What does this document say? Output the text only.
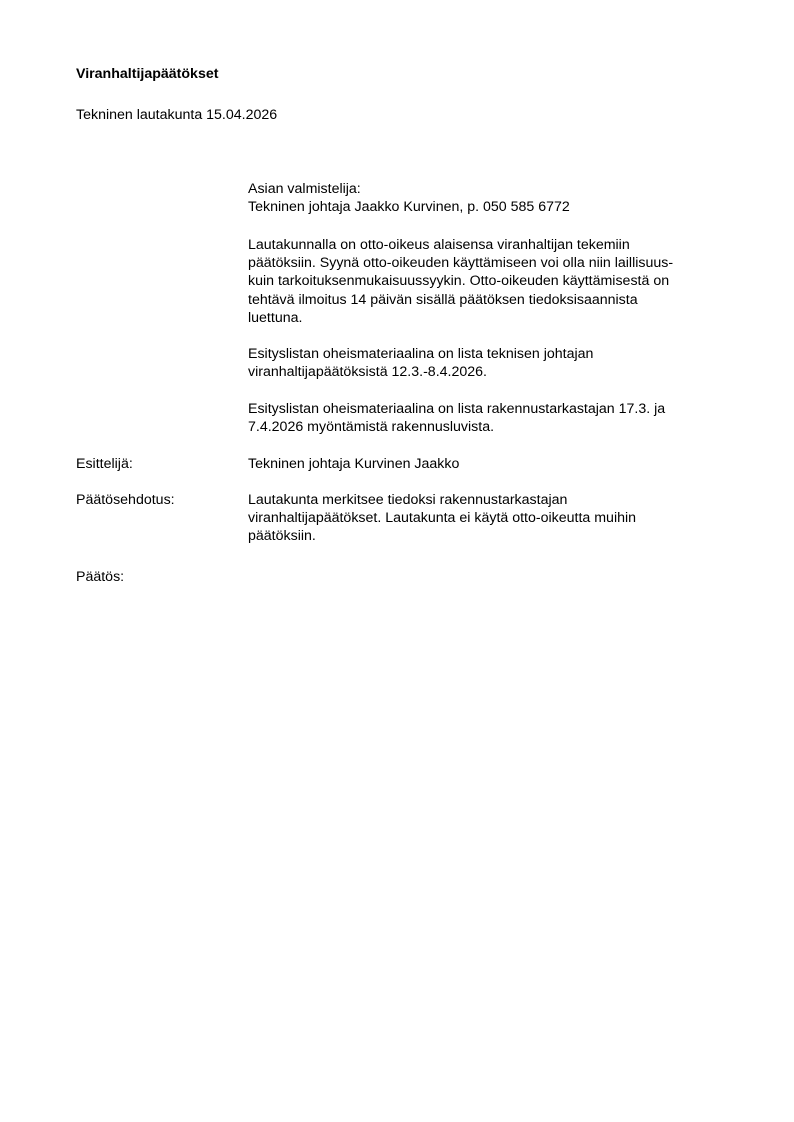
Viranhaltijapäätökset
Tekninen lautakunta 15.04.2026
Asian valmistelija:
Tekninen johtaja Jaakko Kurvinen, p. 050 585 6772
Lautakunnalla on otto-oikeus alaisensa viranhaltijan tekemiin
päätöksiin. Syynä otto-oikeuden käyttämiseen voi olla niin laillisuus-
kuin tarkoituksenmukaisuussyykin. Otto-oikeuden käyttämisestä on
tehtävä ilmoitus 14 päivän sisällä päätöksen tiedoksisaannista
luettuna.
Esityslistan oheismateriaalina on lista teknisen johtajan
viranhaltijapäätöksistä 12.3.-8.4.2026.
Esityslistan oheismateriaalina on lista rakennustarkastajan 17.3. ja
7.4.2026 myöntämistä rakennusluvista.
Esittelijä:	Tekninen johtaja Kurvinen Jaakko
Päätösehdotus:	Lautakunta merkitsee tiedoksi rakennustarkastajan
viranhaltijapäätökset. Lautakunta ei käytä otto-oikeutta muihin
päätöksiin.
Päätös:
